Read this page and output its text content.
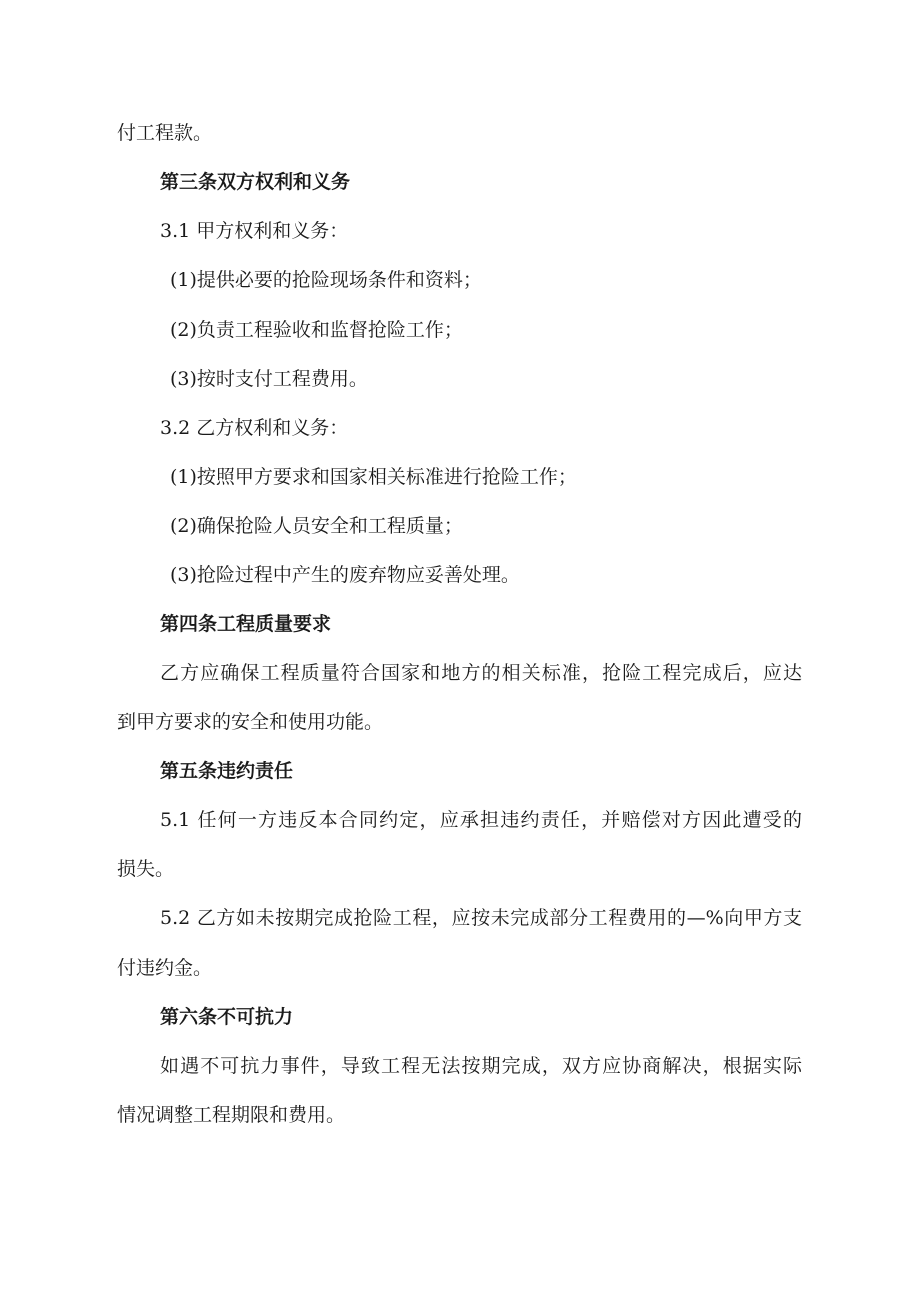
付工程款。

第三条双方权利和义务

3.1 甲方权利和义务：

(1)提供必要的抢险现场条件和资料；

(2)负责工程验收和监督抢险工作；

(3)按时支付工程费用。

3.2 乙方权利和义务：

(1)按照甲方要求和国家相关标准进行抢险工作；

(2)确保抢险人员安全和工程质量；

(3)抢险过程中产生的废弃物应妥善处理。

第四条工程质量要求

乙方应确保工程质量符合国家和地方的相关标准，抢险工程完成后，应达

到甲方要求的安全和使用功能。

第五条违约责任

5.1 任何一方违反本合同约定，应承担违约责任，并赔偿对方因此遭受的

损失。

5.2 乙方如未按期完成抢险工程，应按未完成部分工程费用的—%向甲方支

付违约金。

第六条不可抗力

如遇不可抗力事件，导致工程无法按期完成，双方应协商解决，根据实际

情况调整工程期限和费用。
